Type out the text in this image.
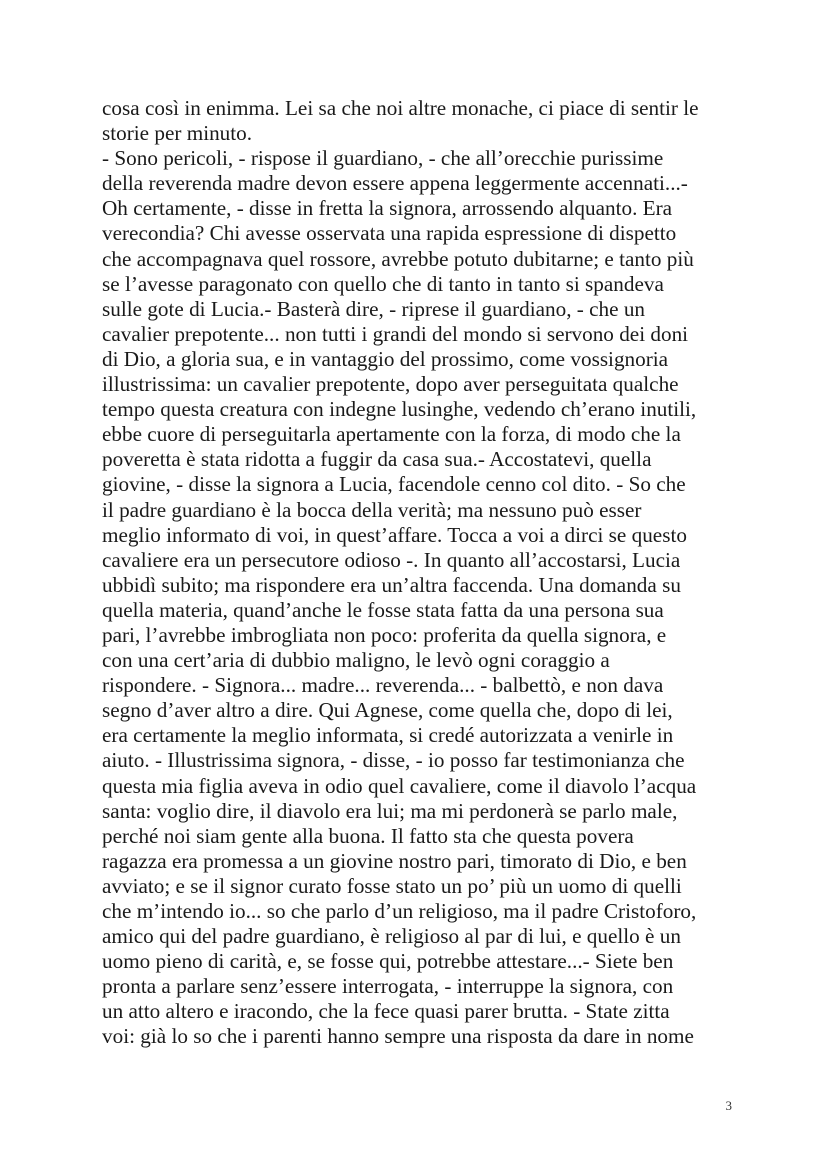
cosa così in enimma. Lei sa che noi altre monache, ci piace di sentir le
storie per minuto.
- Sono pericoli, - rispose il guardiano, - che all’orecchie purissime
della reverenda madre devon essere appena leggermente accennati...-
Oh certamente, - disse in fretta la signora, arrossendo alquanto. Era
verecondia? Chi avesse osservata una rapida espressione di dispetto
che accompagnava quel rossore, avrebbe potuto dubitarne; e tanto più
se l’avesse paragonato con quello che di tanto in tanto si spandeva
sulle gote di Lucia.- Basterà dire, - riprese il guardiano, - che un
cavalier prepotente... non tutti i grandi del mondo si servono dei doni
di Dio, a gloria sua, e in vantaggio del prossimo, come vossignoria
illustrissima: un cavalier prepotente, dopo aver perseguitata qualche
tempo questa creatura con indegne lusinghe, vedendo ch’erano inutili,
ebbe cuore di perseguitarla apertamente con la forza, di modo che la
poveretta è stata ridotta a fuggir da casa sua.- Accostatevi, quella
giovine, - disse la signora a Lucia, facendole cenno col dito. - So che
il padre guardiano è la bocca della verità; ma nessuno può esser
meglio informato di voi, in quest’affare. Tocca a voi a dirci se questo
cavaliere era un persecutore odioso -. In quanto all’accostarsi, Lucia
ubbidì subito; ma rispondere era un’altra faccenda. Una domanda su
quella materia, quand’anche le fosse stata fatta da una persona sua
pari, l’avrebbe imbrogliata non poco: proferita da quella signora, e
con una cert’aria di dubbio maligno, le levò ogni coraggio a
rispondere. - Signora... madre... reverenda... - balbettò, e non dava
segno d’aver altro a dire. Qui Agnese, come quella che, dopo di lei,
era certamente la meglio informata, si credé autorizzata a venirle in
aiuto. - Illustrissima signora, - disse, - io posso far testimonianza che
questa mia figlia aveva in odio quel cavaliere, come il diavolo l’acqua
santa: voglio dire, il diavolo era lui; ma mi perdonerà se parlo male,
perché noi siam gente alla buona. Il fatto sta che questa povera
ragazza era promessa a un giovine nostro pari, timorato di Dio, e ben
avviato; e se il signor curato fosse stato un po’ più un uomo di quelli
che m’intendo io... so che parlo d’un religioso, ma il padre Cristoforo,
amico qui del padre guardiano, è religioso al par di lui, e quello è un
uomo pieno di carità, e, se fosse qui, potrebbe attestare...- Siete ben
pronta a parlare senz’essere interrogata, - interruppe la signora, con
un atto altero e iracondo, che la fece quasi parer brutta. - State zitta
voi: già lo so che i parenti hanno sempre una risposta da dare in nome
3
